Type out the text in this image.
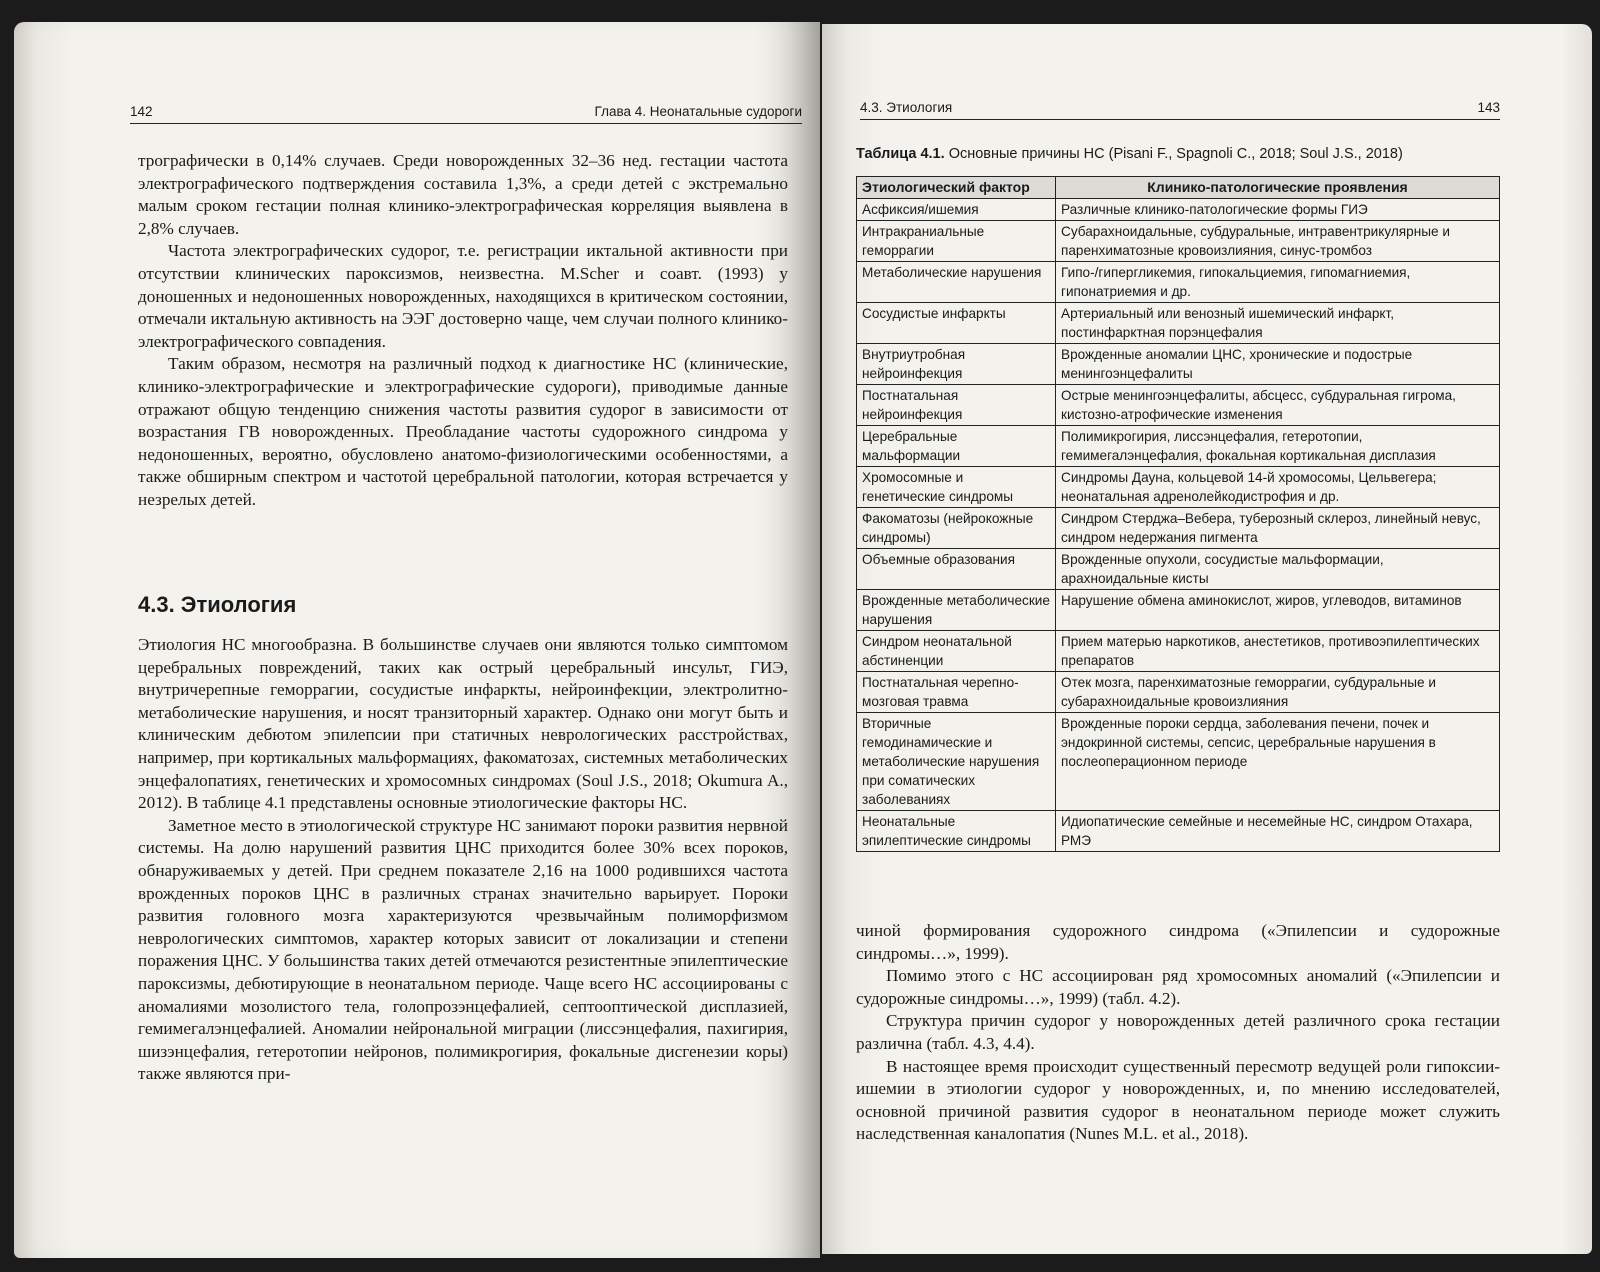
142	Глава 4. Неонатальные судороги

трографически в 0,14% случаев. Среди новорожденных 32–36 нед. гестации частота электрографического подтверждения составила 1,3%, а среди детей с экстремально малым сроком гестации полная клинико-электрографическая корреляция выявлена в 2,8% случаев.

Частота электрографических судорог, т.е. регистрации иктальной активности при отсутствии клинических пароксизмов, неизвестна. M.Scher и соавт. (1993) у доношенных и недоношенных новорожденных, находящихся в критическом состоянии, отмечали иктальную активность на ЭЭГ достоверно чаще, чем случаи полного клинико-электрографического совпадения.

Таким образом, несмотря на различный подход к диагностике НС (клинические, клинико-электрографические и электрографические судороги), приводимые данные отражают общую тенденцию снижения частоты развития судорог в зависимости от возрастания ГВ новорожденных. Преобладание частоты судорожного синдрома у недоношенных, вероятно, обусловлено анатомо-физиологическими особенностями, а также обширным спектром и частотой церебральной патологии, которая встречается у незрелых детей.

4.3. Этиология

Этиология НС многообразна. В большинстве случаев они являются только симптомом церебральных повреждений, таких как острый церебральный инсульт, ГИЭ, внутричерепные геморрагии, сосудистые инфаркты, нейроинфекции, электролитно-метаболические нарушения, и носят транзиторный характер. Однако они могут быть и клиническим дебютом эпилепсии при статичных неврологических расстройствах, например, при кортикальных мальформациях, факоматозах, системных метаболических энцефалопатиях, генетических и хромосомных синдромах (Soul J.S., 2018; Okumura A., 2012). В таблице 4.1 представлены основные этиологические факторы НС.

Заметное место в этиологической структуре НС занимают пороки развития нервной системы. На долю нарушений развития ЦНС приходится более 30% всех пороков, обнаруживаемых у детей. При среднем показателе 2,16 на 1000 родившихся частота врожденных пороков ЦНС в различных странах значительно варьирует. Пороки развития головного мозга характеризуются чрезвычайным полиморфизмом неврологических симптомов, характер которых зависит от локализации и степени поражения ЦНС. У большинства таких детей отмечаются резистентные эпилептические пароксизмы, дебютирующие в неонатальном периоде. Чаще всего НС ассоциированы с аномалиями мозолистого тела, голопрозэнцефалией, септооптической дисплазией, гемимегалэнцефалией. Аномалии нейрональной миграции (лиссэнцефалия, пахигирия, шизэнцефалия, гетеротопии нейронов, полимикрогирия, фокальные дисгенезии коры) также являются при-

4.3. Этиология	143
Таблица 4.1. Основные причины НС (Pisani F., Spagnoli C., 2018; Soul J.S., 2018)
Этиологический фактор	Клинико-патологические проявления
Асфиксия/ишемия	Различные клинико-патологические формы ГИЭ
Интракраниальные геморрагии	Субарахноидальные, субдуральные, интравентрикулярные и паренхиматозные кровоизлияния, синус-тромбоз
Метаболические нарушения	Гипо-/гипергликемия, гипокальциемия, гипомагниемия, гипонатриемия и др.
Сосудистые инфаркты	Артериальный или венозный ишемический инфаркт, постинфарктная порэнцефалия
Внутриутробная нейроинфекция	Врожденные аномалии ЦНС, хронические и подострые менингоэнцефалиты
Постнатальная нейроинфекция	Острые менингоэнцефалиты, абсцесс, субдуральная гигрома, кистозно-атрофические изменения
Церебральные мальформации	Полимикрогирия, лиссэнцефалия, гетеротопии, гемимегалэнцефалия, фокальная кортикальная дисплазия
Хромосомные и генетические синдромы	Синдромы Дауна, кольцевой 14-й хромосомы, Цельвегера; неонатальная адренолейкодистрофия и др.
Факоматозы (нейрокожные синдромы)	Синдром Стерджа–Вебера, туберозный склероз, линейный невус, синдром недержания пигмента
Объемные образования	Врожденные опухоли, сосудистые мальформации, арахноидальные кисты
Врожденные метаболические нарушения	Нарушение обмена аминокислот, жиров, углеводов, витаминов
Синдром неонатальной абстиненции	Прием матерью наркотиков, анестетиков, противоэпилептических препаратов
Постнатальная черепно-мозговая травма	Отек мозга, паренхиматозные геморрагии, субдуральные и субарахноидальные кровоизлияния
Вторичные гемодинамические и метаболические нарушения при соматических заболеваниях	Врожденные пороки сердца, заболевания печени, почек и эндокринной системы, сепсис, церебральные нарушения в послеоперационном периоде
Неонатальные эпилептические синдромы	Идиопатические семейные и несемейные НС, синдром Отахара, РМЭ

чиной формирования судорожного синдрома («Эпилепсии и судорожные синдромы…», 1999).

Помимо этого с НС ассоциирован ряд хромосомных аномалий («Эпилепсии и судорожные синдромы…», 1999) (табл. 4.2).

Структура причин судорог у новорожденных детей различного срока гестации различна (табл. 4.3, 4.4).

В настоящее время происходит существенный пересмотр ведущей роли гипоксии-ишемии в этиологии судорог у новорожденных, и, по мнению исследователей, основной причиной развития судорог в неонатальном периоде может служить наследственная каналопатия (Nunes M.L. et al., 2018).
